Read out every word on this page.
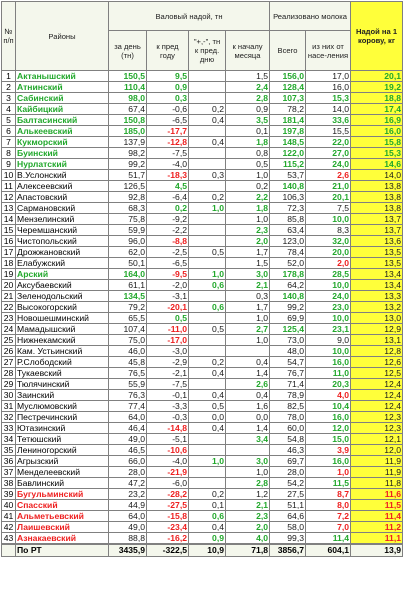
№ п/п	Районы	Валовый надой, тн				Реализовано молока		Надой на 1 корову, кг
		за день (тн)	к пред году	"+,-", тн
к пред. дню	к началу месяца	Всего	из них от насе-ления	
1	Актанышский	150,5	9,5		1,5	156,0	17,0	20,1
2	Атнинский	110,4	0,9		2,4	128,4	16,0	19,2
3	Сабинский	98,0	0,3		2,8	107,3	15,3	18,8
4	Кайбицкий	67,4	-0,6	0,2	0,9	78,2	14,0	17,4
5	Балтасинский	150,8	-6,5	0,4	3,5	181,4	33,6	16,9
6	Алькеевский	185,0	-17,7		0,1	197,8	15,5	16,0
7	Кукморский	137,9	-12,8	0,4	1,8	148,5	22,0	15,8
8	Буинский	98,2	-7,5		0,8	122,0	27,0	15,3
9	Нурлатский	99,2	-4,0		0,5	115,2	24,0	14,6
10	В.Услонский	51,7	-18,3	0,3	1,0	53,7	2,6	14,0
11	Алексеевский	126,5	4,5		0,2	140,8	21,0	13,8
12	Апастовский	92,8	-6,4	0,2	2,2	106,3	20,1	13,8
13	Сармановский	68,3	0,2	1,0	1,8	72,3	7,5	13,8
14	Мензелинский	75,8	-9,2		1,0	85,8	10,0	13,7
15	Черемшанский	59,9	-2,2		2,3	63,4	8,3	13,7
16	Чистопольский	96,0	-8,8		2,0	123,0	32,0	13,6
17	Дрожжановский	62,0	-2,5	0,5	1,7	78,4	20,0	13,5
18	Елабужский	50,1	-6,5		1,5	52,0	2,0	13,5
19	Арский	164,0	-9,5	1,0	3,0	178,8	28,5	13,4
20	Аксубаевский	61,1	-2,0	0,6	2,1	64,2	10,0	13,4
21	Зеленодольский	134,5	-3,1		0,3	140,8	24,0	13,3
22	Высокогорский	79,2	-20,1	0,6	1,7	99,2	23,0	13,2
23	Новошешминский	65,5	0,5		1,0	69,9	10,0	13,0
24	Мамадышский	107,4	-11,0	0,5	2,7	125,4	23,1	12,9
25	Нижнекамский	75,0	-17,0		1,0	73,0	9,0	13,1
26	Кам. Устьинский	46,0	-3,0			48,0	10,0	12,8
27	Р.Слободский	45,8	-2,9	0,2	0,4	54,7	16,0	12,6
28	Тукаевский	76,5	-2,1	0,4	1,4	76,7	11,0	12,5
29	Тюлячинский	55,9	-7,5		2,6	71,4	20,3	12,4
30	Заинский	76,3	-0,1	0,4	0,4	78,9	4,0	12,4
31	Муслюмовский	77,4	-3,3	0,5	1,6	82,5	10,4	12,4
32	Пестречинский	64,0	-0,3	0,0	0,0	78,0	16,0	12,3
33	Ютазинский	46,4	-14,8	0,4	1,4	60,0	12,0	12,3
34	Тетюшский	49,0	-5,1		3,4	54,8	15,0	12,1
35	Лениногорский	46,5	-10,6			46,3	3,9	12,0
36	Агрызский	66,0	-4,0	1,0	3,0	69,7	16,0	11,9
37	Менделеевский	28,0	-21,9		1,0	28,0	1,0	11,9
38	Бавлинский	47,2	-6,0		2,8	54,2	11,5	11,8
39	Бугульминский	23,2	-28,2	0,2	1,2	27,5	8,7	11,6
40	Спасский	44,9	-27,5	0,1	2,1	51,1	8,0	11,5
41	Альметьевский	64,0	-15,8	0,6	2,3	64,6	7,2	11,4
42	Лаишевский	49,0	-23,4	0,4	2,0	58,0	7,0	11,2
43	Азнакаевский	88,8	-16,2	0,9	4,0	99,3	11,4	11,1
	По РТ	3435,9	-322,5	10,9	71,8	3856,7	604,1	13,9
